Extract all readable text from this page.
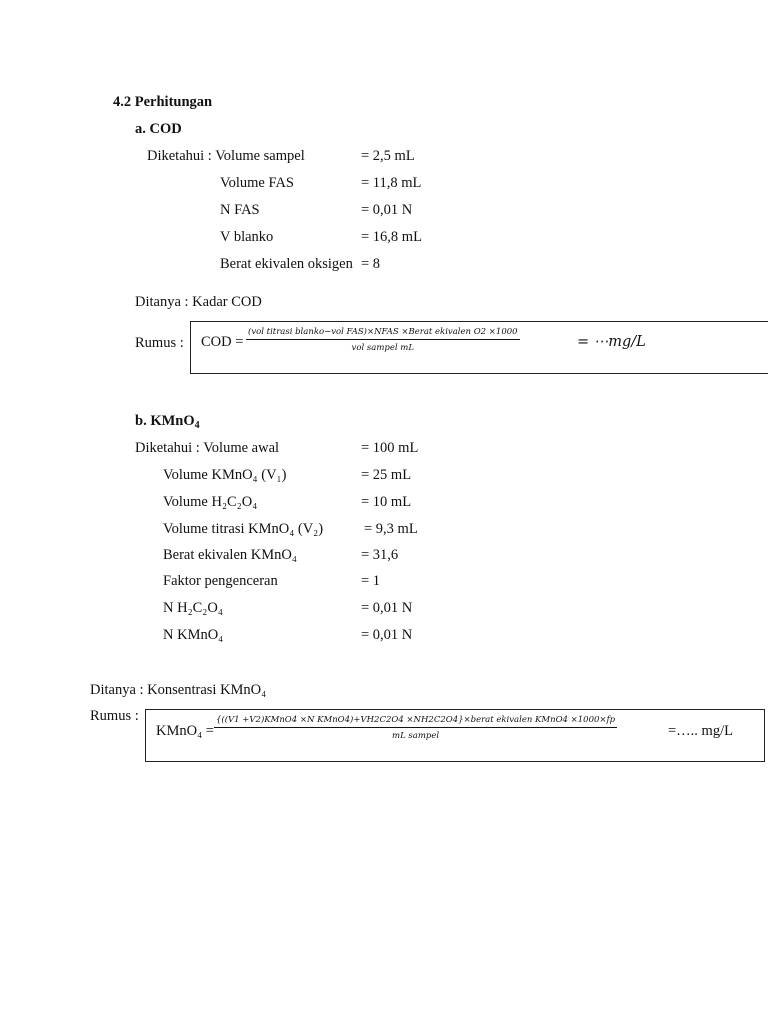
4.2 Perhitungan
a. COD
Diketahui : Volume sampel	= 2,5 mL
Volume FAS	= 11,8 mL
N FAS	= 0,01 N
V blanko	= 16,8 mL
Berat ekivalen oksigen = 8
Ditanya : Kadar COD
Rumus : COD =
(vol titrasi blanko−vol FAS)×NFAS ×Berat ekivalen O2 ×1000
vol sampel mL	= ⋯mg/L
b. KMnO$_4$
Diketahui : Volume awal	= 100 mL
Volume KMnO₄ (V₁)	= 25 mL
Volume H₂C₂O₄	= 10 mL
Volume titrasi KMnO₄ (V₂)	= 9,3 mL
Berat ekivalen KMnO₄	= 31,6
Faktor pengenceran	= 1
N H₂C₂O₄	= 0,01 N
N KMnO₄	= 0,01 N
Ditanya : Konsentrasi KMnO₄
Rumus :
KMnO₄ =
{((V1 +V2)KMnO4 ×N KMnO4)+VH2C2O4 ×NH2C2O4}×berat ekivalen KMnO4 ×1000×fp
mL sampel	=….. mg/L
